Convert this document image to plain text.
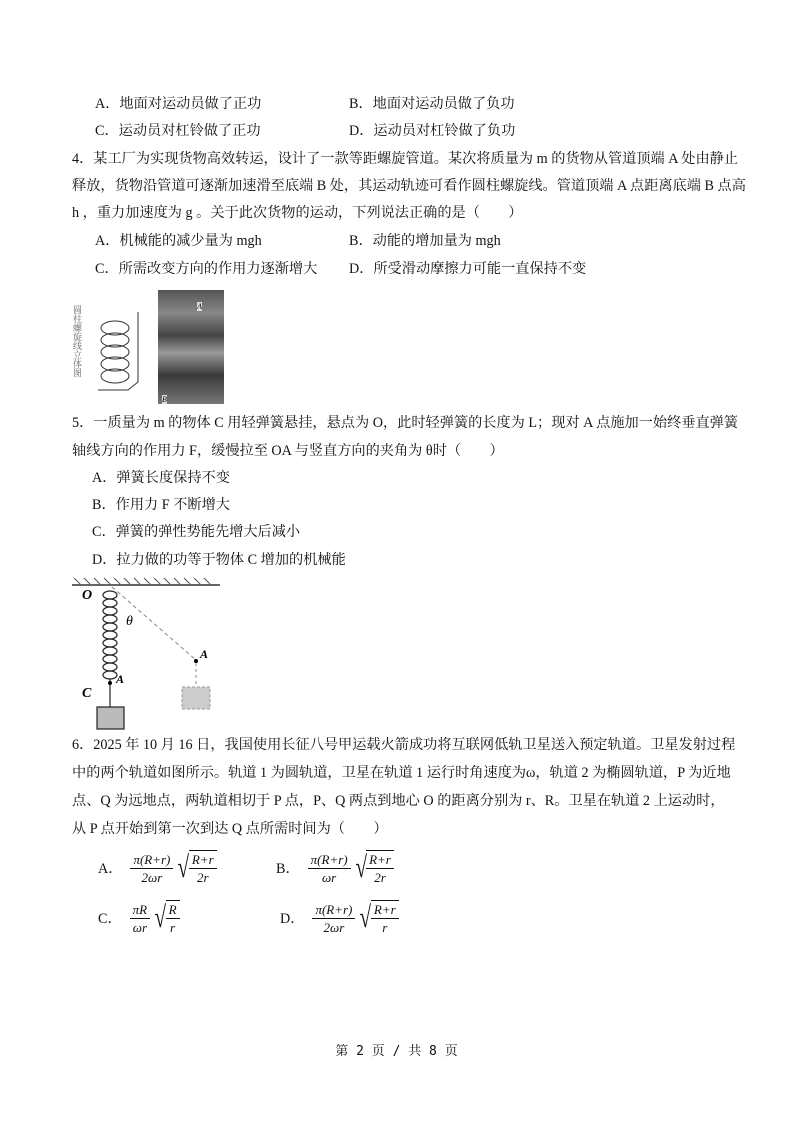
A．地面对运动员做了正功	B．地面对运动员做了负功
C．运动员对杠铃做了正功	D．运动员对杠铃做了负功
4．某工厂为实现货物高效转运，设计了一款等距螺旋管道。某次将质量为 m 的货物从管道顶端 A 处由静止
释放，货物沿管道可逐渐加速滑至底端 B 处，其运动轨迹可看作圆柱螺旋线。管道顶端 A 点距离底端 B 点高
h ，重力加速度为 g 。关于此次货物的运动，下列说法正确的是（　　）
A．机械能的减少量为 mgh	B．动能的增加量为 mgh
C．所需改变方向的作用力逐渐增大 D．所受滑动摩擦力可能一直保持不变
圆柱螺旋线立体图	A
B
5．一质量为 m 的物体 C 用轻弹簧悬挂，悬点为 O，此时轻弹簧的长度为 L；现对 A 点施加一始终垂直弹簧
轴线方向的作用力 F，缓慢拉至 OA 与竖直方向的夹角为 θ时（　　）
A．弹簧长度保持不变
B．作用力 F 不断增大
C．弹簧的弹性势能先增大后减小
D．拉力做的功等于物体 C 增加的机械能
O
θ
A
A
C
6．2025 年 10 月 16 日，我国使用长征八号甲运载火箭成功将互联网低轨卫星送入预定轨道。卫星发射过程
中的两个轨道如图所示。轨道 1 为圆轨道，卫星在轨道 1 运行时角速度为ω，轨道 2 为椭圆轨道，P 为近地
点、Q 为远地点，两轨道相切于 P 点，P、Q 两点到地心 O 的距离分别为 r、R。卫星在轨道 2 上运动时，
从 P 点开始到第一次到达 Q 点所需时间为（　　）
A． $\frac{\pi(R+r)}{2\omega r}$ √ $\frac{R+r}{2r}$	B． $\frac{\pi(R+r)}{\omega r}$ √ $\frac{R+r}{2r}$
C． $\frac{\pi R}{\omega r}$ √ $\frac{R}{r}$	D． $\frac{\pi(R+r)}{2\omega r}$ √ $\frac{R+r}{r}$
第 2 页 / 共 8 页
